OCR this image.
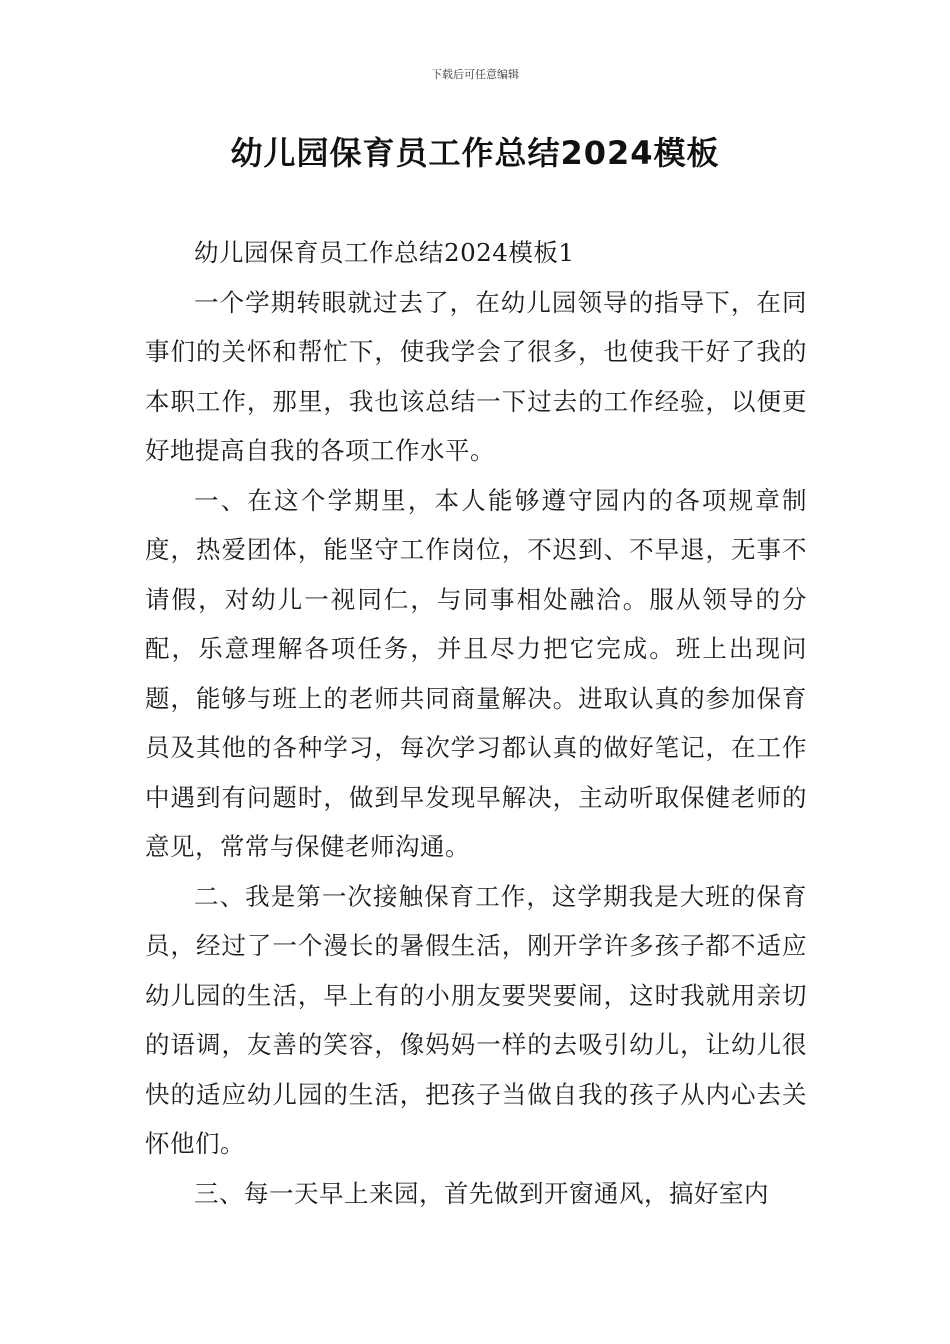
下载后可任意编辑
幼儿园保育员工作总结2024模板

幼儿园保育员工作总结2024模板1

一个学期转眼就过去了，在幼儿园领导的指导下，在同事们的关怀和帮忙下，使我学会了很多，也使我干好了我的本职工作，那里，我也该总结一下过去的工作经验，以便更好地提高自我的各项工作水平。

一、在这个学期里，本人能够遵守园内的各项规章制度，热爱团体，能坚守工作岗位，不迟到、不早退，无事不请假，对幼儿一视同仁，与同事相处融洽。服从领导的分配，乐意理解各项任务，并且尽力把它完成。班上出现问题，能够与班上的老师共同商量解决。进取认真的参加保育员及其他的各种学习，每次学习都认真的做好笔记，在工作中遇到有问题时，做到早发现早解决，主动听取保健老师的意见，常常与保健老师沟通。

二、我是第一次接触保育工作，这学期我是大班的保育员，经过了一个漫长的暑假生活，刚开学许多孩子都不适应幼儿园的生活，早上有的小朋友要哭要闹，这时我就用亲切的语调，友善的笑容，像妈妈一样的去吸引幼儿，让幼儿很快的适应幼儿园的生活，把孩子当做自我的孩子从内心去关怀他们。

三、每一天早上来园，首先做到开窗通风，搞好室内
